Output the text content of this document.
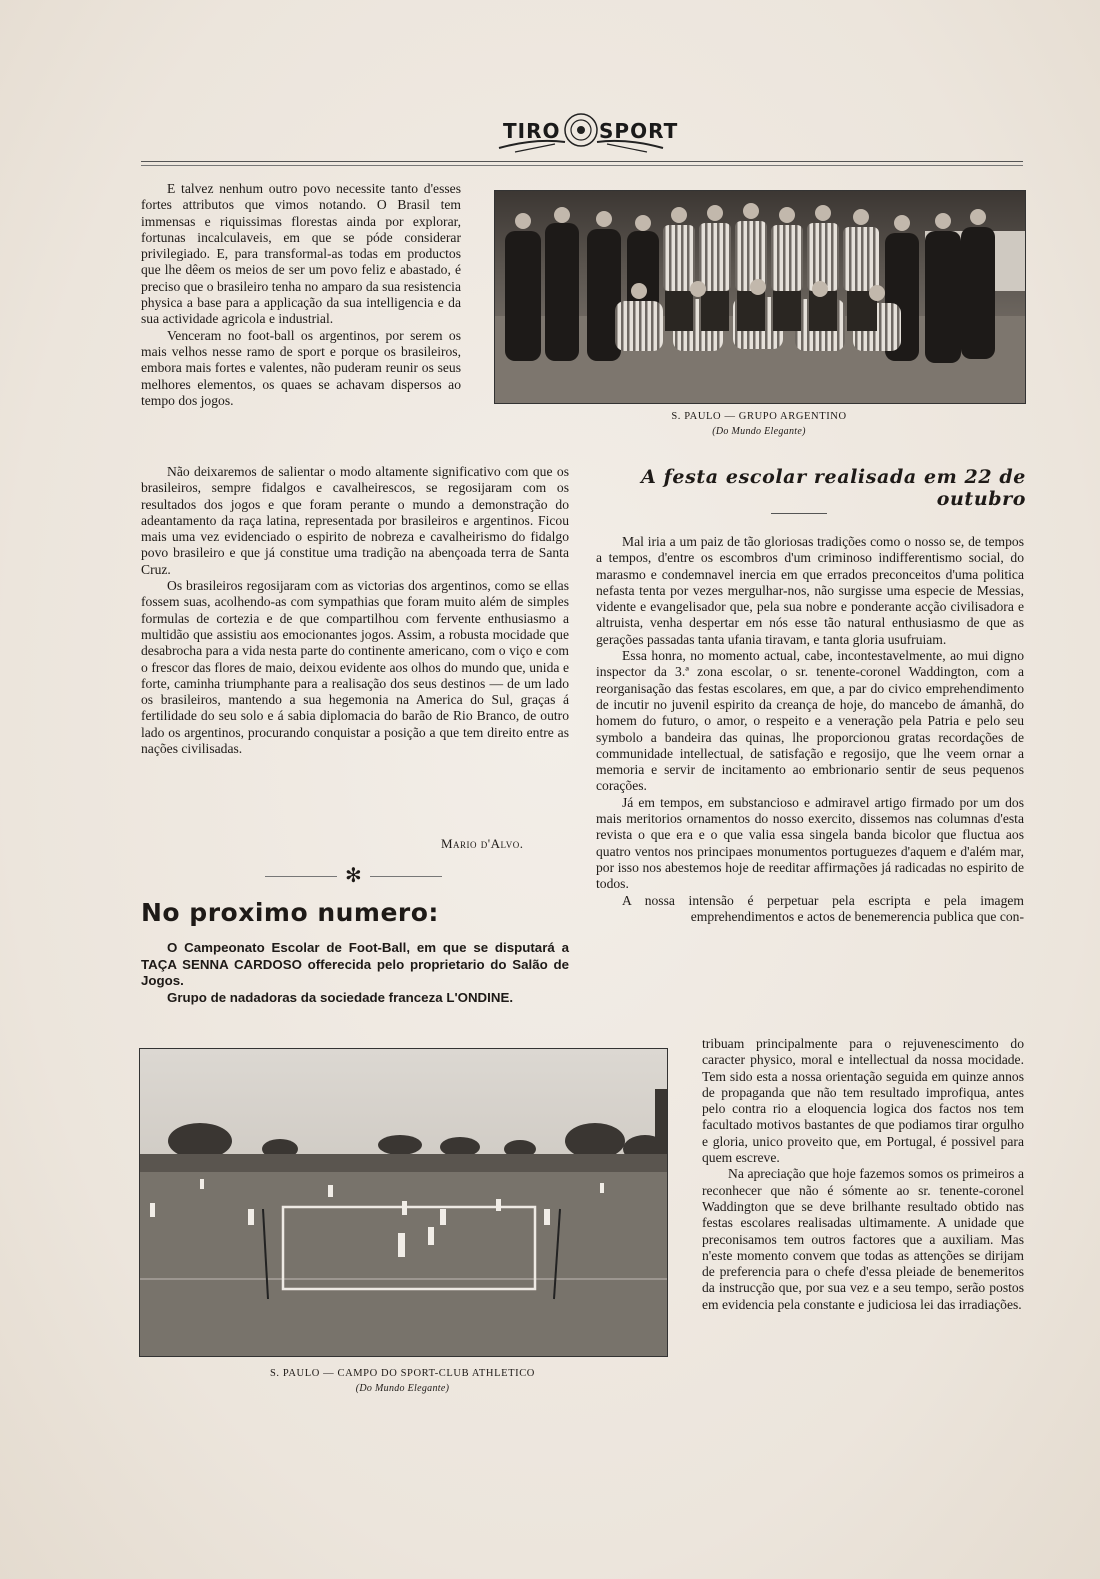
TIRO SPORT

E talvez nenhum outro povo necessite tanto d'esses fortes attributos que vimos notando. O Brasil tem immensas e riquissimas florestas ainda por explorar, fortunas incalculaveis, em que se póde considerar privilegiado. E, para transformal-as todas em productos que lhe dêem os meios de ser um povo feliz e abastado, é preciso que o brasileiro tenha no amparo da sua resistencia physica a base para a applicação da sua intelligencia e da sua actividade agricola e industrial.

Venceram no foot-ball os argentinos, por serem os mais velhos nesse ramo de sport e porque os brasileiros, embora mais fortes e valentes, não puderam reunir os seus melhores elementos, os quaes se achavam dispersos ao tempo dos jogos.

Não deixaremos de salientar o modo altamente significativo com que os brasileiros, sempre fidalgos e cavalheirescos, se regosijaram com os resultados dos jogos e que foram perante o mundo a demonstração do adeantamento da raça latina, representada por brasileiros e argentinos. Ficou mais uma vez evidenciado o espirito de nobreza e cavalheirismo do fidalgo povo brasileiro e que já constitue uma tradição na abençoada terra de Santa Cruz.

Os brasileiros regosijaram com as victorias dos argentinos, como se ellas fossem suas, acolhendo-as com sympathias que foram muito além de simples formulas de cortezia e de que compartilhou com fervente enthusiasmo a multidão que assistiu aos emocionantes jogos. Assim, a robusta mocidade que desabrocha para a vida nesta parte do continente americano, com o viço e com o frescor das flores de maio, deixou evidente aos olhos do mundo que, unida e forte, caminha triumphante para a realisação dos seus destinos — de um lado os brasileiros, mantendo a sua hegemonia na America do Sul, graças á fertilidade do seu solo e á sabia diplomacia do barão de Rio Branco, de outro lado os argentinos, procurando conquistar a posição a que tem direito entre as nações civilisadas.

Mario d'Alvo.
S. PAULO — GRUPO ARGENTINO
(Do Mundo Elegante)
A festa escolar realisada em 22 de outubro

Mal iria a um paiz de tão gloriosas tradições como o nosso se, de tempos a tempos, d'entre os escombros d'um criminoso indifferentismo social, do marasmo e condemnavel inercia em que errados preconceitos d'uma politica nefasta tenta por vezes mergulhar-nos, não surgisse uma especie de Messias, vidente e evangelisador que, pela sua nobre e ponderante acção civilisadora e altruista, venha despertar em nós esse tão natural enthusiasmo de que as gerações passadas tanta ufania tiravam, e tanta gloria usufruiam.

Essa honra, no momento actual, cabe, incontestavelmente, ao mui digno inspector da 3.ª zona escolar, o sr. tenente-coronel Waddington, com a reorganisação das festas escolares, em que, a par do civico emprehendimento de incutir no juvenil espirito da creança de hoje, do mancebo de ámanhã, do homem do futuro, o amor, o respeito e a veneração pela Patria e pelo seu symbolo a bandeira das quinas, lhe proporcionou gratas recordações de communidade intellectual, de satisfação e regosijo, que lhe veem ornar a memoria e servir de incitamento ao embrionario sentir de seus pequenos corações.

Já em tempos, em substancioso e admiravel artigo firmado por um dos mais meritorios ornamentos do nosso exercito, dissemos nas columnas d'esta revista o que era e o que valia essa singela banda bicolor que fluctua aos quatro ventos nos principaes monumentos portuguezes d'aquem e d'além mar, por isso nos abestemos hoje de reeditar affirmações já radicadas no espirito de todos.

A nossa intensão é perpetuar pela escripta e pela imagem emprehendimentos e actos de benemerencia publica que con-

tribuam principalmente para o rejuvenescimento do caracter physico, moral e intellectual da nossa mocidade. Tem sido esta a nossa orientação seguida em quinze annos de propaganda que não tem resultado improfiqua, antes pelo contra rio a eloquencia logica dos factos nos tem facultado motivos bastantes de que podiamos tirar orgulho e gloria, unico proveito que, em Portugal, é possivel para quem escreve.

Na apreciação que hoje fazemos somos os primeiros a reconhecer que não é sómente ao sr. tenente-coronel Waddington que se deve brilhante resultado obtido nas festas escolares realisadas ultimamente. A unidade que preconisamos tem outros factores que a auxiliam. Mas n'este momento convem que todas as attenções se dirijam de preferencia para o chefe d'essa pleiade de benemeritos da instrucção que, por sua vez e a seu tempo, serão postos em evidencia pela constante e judiciosa lei das irradiações.

✻
No proximo numero:

O Campeonato Escolar de Foot-Ball, em que se disputará a TAÇA SENNA CARDOSO offerecida pelo proprietario do Salão de Jogos.

Grupo de nadadoras da sociedade franceza L'ONDINE.

S. PAULO — CAMPO DO SPORT-CLUB ATHLETICO
(Do Mundo Elegante)
